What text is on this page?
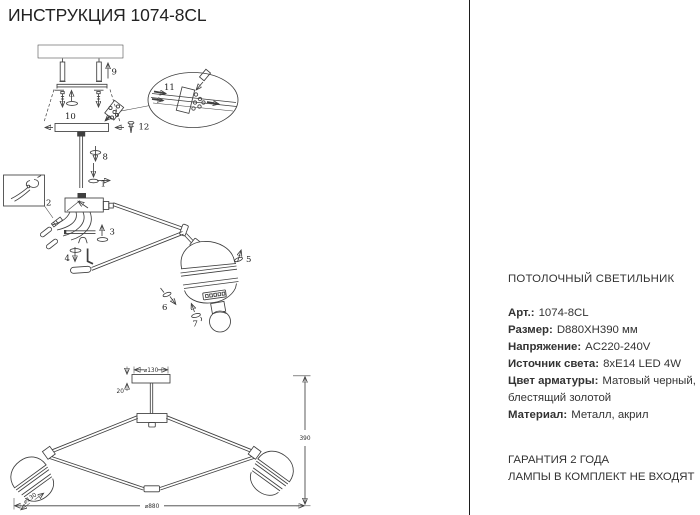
ИНСТРУКЦИЯ 1074-8CL
9
10
12
11
8
1
2
3
4	5
6
7
⌀130
20
⌀130
390
⌀880

ПОТОЛОЧНЫЙ СВЕТИЛЬНИК

Арт.: 1074-8CL
Размер: D880XH390 мм
Напряжение: AC220-240V
Источник света: 8xE14 LED 4W
Цвет арматуры: Матовый черный,
блестящий золотой
Материал: Металл, акрил
ГАРАНТИЯ 2 ГОДА
ЛАМПЫ В КОМПЛЕКТ НЕ ВХОДЯТ
